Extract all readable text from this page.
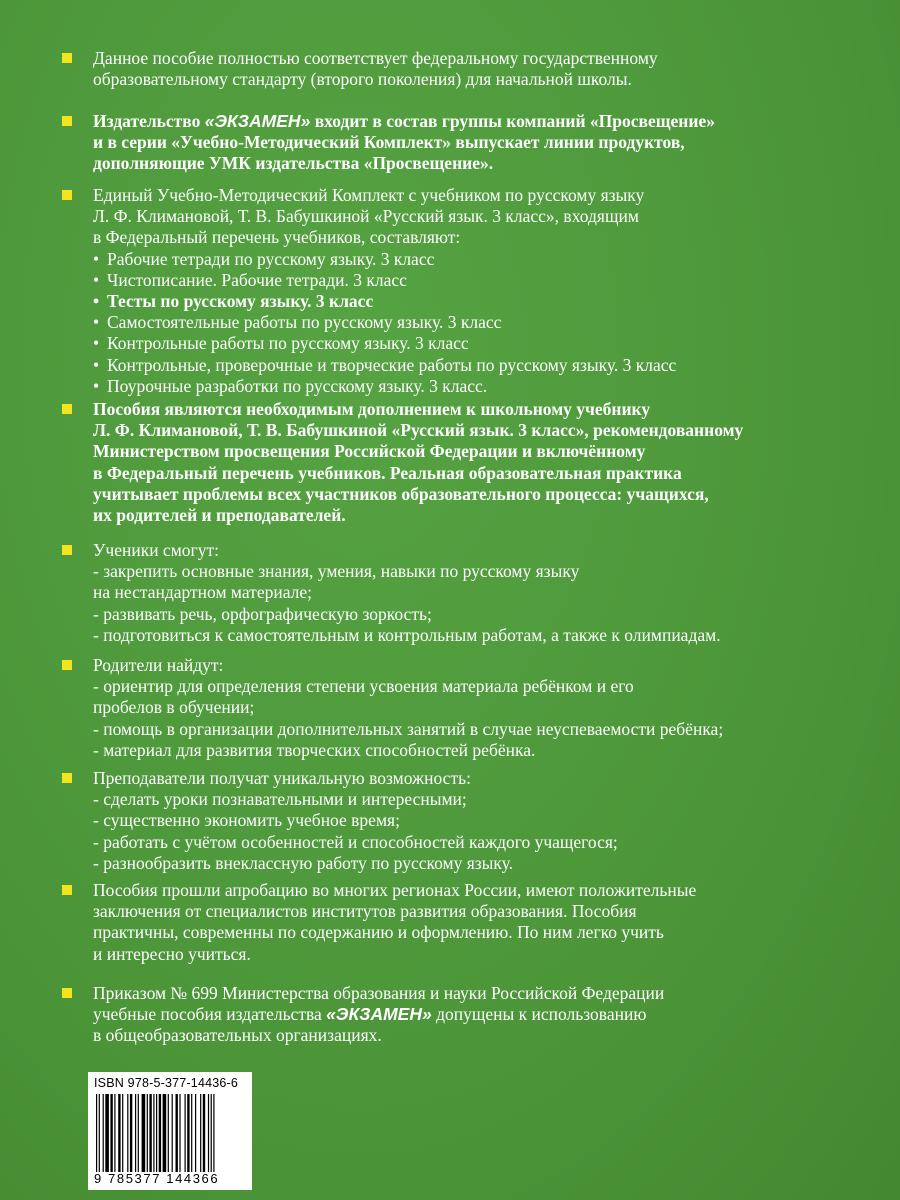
Данное пособие полностью соответствует федеральному государственному
образовательному стандарту (второго поколения) для начальной школы.
Издательство «ЭКЗАМЕН» входит в состав группы компаний «Просвещение»
и в серии «Учебно-Методический Комплект» выпускает линии продуктов,
дополняющие УМК издательства «Просвещение».
Единый Учебно-Методический Комплект с учебником по русскому языку
Л. Ф. Климановой, Т. В. Бабушкиной «Русский язык. 3 класс», входящим
в Федеральный перечень учебников, составляют:
• Рабочие тетради по русскому языку. 3 класс
• Чистописание. Рабочие тетради. 3 класс
• Тесты по русскому языку. 3 класс
• Самостоятельные работы по русскому языку. 3 класс
• Контрольные работы по русскому языку. 3 класс
• Контрольные, проверочные и творческие работы по русскому языку. 3 класс
• Поурочные разработки по русскому языку. 3 класс.
Пособия являются необходимым дополнением к школьному учебнику
Л. Ф. Климановой, Т. В. Бабушкиной «Русский язык. 3 класс», рекомендованному
Министерством просвещения Российской Федерации и включённому
в Федеральный перечень учебников. Реальная образовательная практика
учитывает проблемы всех участников образовательного процесса: учащихся,
их родителей и преподавателей.
Ученики смогут:
- закрепить основные знания, умения, навыки по русскому языку
на нестандартном материале;
- развивать речь, орфографическую зоркость;
- подготовиться к самостоятельным и контрольным работам, а также к олимпиадам.
Родители найдут:
- ориентир для определения степени усвоения материала ребёнком и его
пробелов в обучении;
- помощь в организации дополнительных занятий в случае неуспеваемости ребёнка;
- материал для развития творческих способностей ребёнка.
Преподаватели получат уникальную возможность:
- сделать уроки познавательными и интересными;
- существенно экономить учебное время;
- работать с учётом особенностей и способностей каждого учащегося;
- разнообразить внеклассную работу по русскому языку.
Пособия прошли апробацию во многих регионах России, имеют положительные
заключения от специалистов институтов развития образования. Пособия
практичны, современны по содержанию и оформлению. По ним легко учить
и интересно учиться.
Приказом № 699 Министерства образования и науки Российской Федерации
учебные пособия издательства «ЭКЗАМЕН» допущены к использованию
в общеобразовательных организациях.
ISBN 978-5-377-14436-6
9 785377 144366
